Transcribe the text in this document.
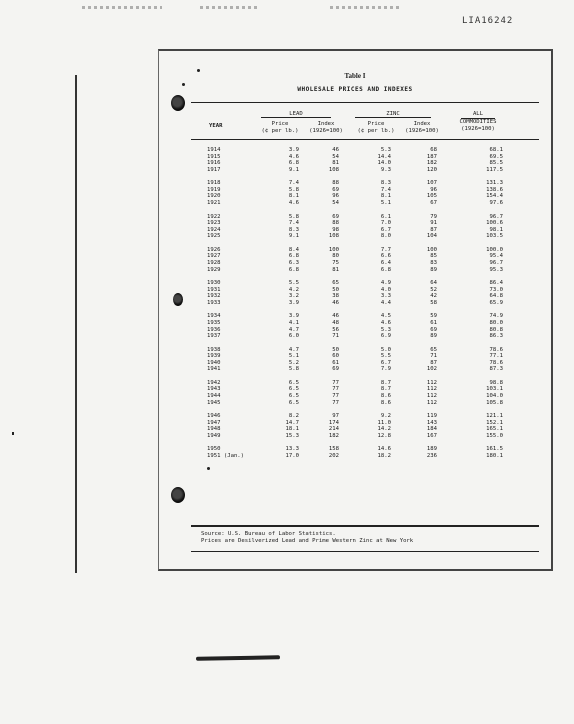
LIA16242
Table I
WHOLESALE PRICES AND INDEXES
LEAD	ZINC
YEAR	Price
(¢ per lb.)
Index
(1926=100)
Price
(¢ per lb.)
Index
(1926=100)
ALL
COMMODITIES
(1926=100)
1914	3.9	46	5.3	68	68.1
1915	4.6	54	14.4	187	69.5
1916	6.8	81	14.0	182	85.5
1917	9.1	108	9.3	120	117.5
1918	7.4	88	8.3	107	131.3
1919	5.8	69	7.4	96	138.6
1920	8.1	96	8.1	105	154.4
1921	4.6	54	5.1	67	97.6
1922	5.8	69	6.1	79	96.7
1923	7.4	88	7.0	91	100.6
1924	8.3	98	6.7	87	98.1
1925	9.1	108	8.0	104	103.5
1926	8.4	100	7.7	100	100.0
1927	6.8	80	6.6	85	95.4
1928	6.3	75	6.4	83	96.7
1929	6.8	81	6.8	89	95.3
1930	5.5	65	4.9	64	86.4
1931	4.2	50	4.0	52	73.0
1932	3.2	38	3.3	42	64.8
1933	3.9	46	4.4	58	65.9
1934	3.9	46	4.5	59	74.9
1935	4.1	48	4.6	61	80.0
1936	4.7	56	5.3	69	80.8
1937	6.0	71	6.9	89	86.3
1938	4.7	50	5.0	65	78.6
1939	5.1	60	5.5	71	77.1
1940	5.2	61	6.7	87	78.6
1941	5.8	69	7.9	102	87.3
1942	6.5	77	8.7	112	98.8
1943	6.5	77	8.7	112	103.1
1944	6.5	77	8.6	112	104.0
1945	6.5	77	8.6	112	105.8
1946	8.2	97	9.2	119	121.1
1947	14.7	174	11.0	143	152.1
1948	18.1	214	14.2	184	165.1
1949	15.3	182	12.8	167	155.0
1950	13.3	158	14.6	189	161.5
1951 (Jan.)	17.0	202	18.2	236	180.1
Source: U.S. Bureau of Labor Statistics.
Prices are Desilverized Lead and Prime Western Zinc at New York
